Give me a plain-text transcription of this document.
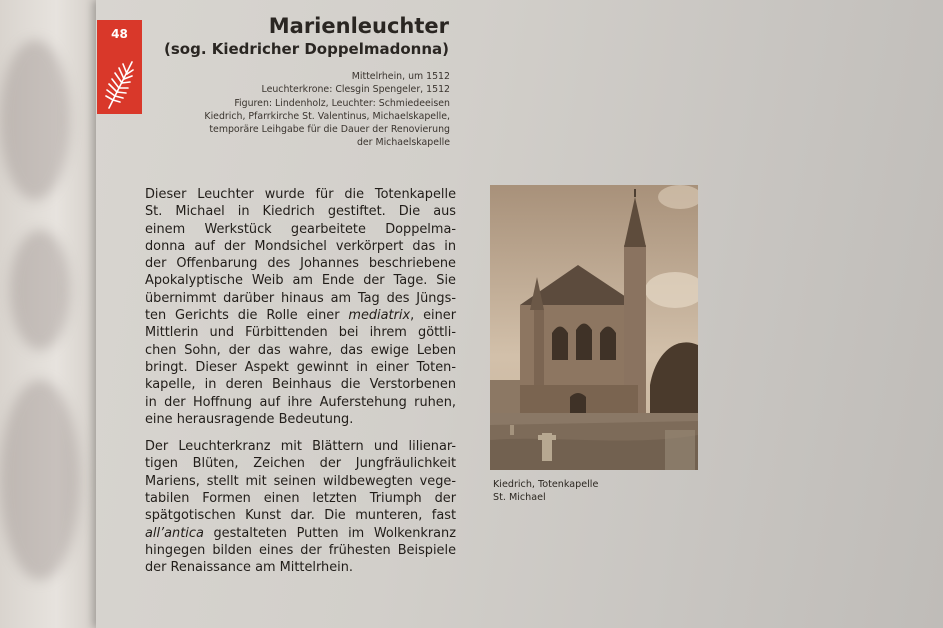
48	Marienleuchter
(sog. Kiedricher Doppelmadonna)
Mittelrhein, um 1512
Leuchterkrone: Clesgin Spengeler, 1512
Figuren: Lindenholz, Leuchter: Schmiedeeisen
Kiedrich, Pfarrkirche St. Valentinus, Michaelskapelle,
temporäre Leihgabe für die Dauer der Renovierung
der Michaelskapelle

Dieser Leuchter wurde für die Totenkapelle
St. Michael in Kiedrich gestiftet. Die aus
einem Werkstück gearbeitete Doppelma-
donna auf der Mondsichel verkörpert das in
der Offenbarung des Johannes beschriebene
Apokalyptische Weib am Ende der Tage. Sie
übernimmt darüber hinaus am Tag des Jüngs-
ten Gerichts die Rolle einer mediatrix, einer
Mittlerin und Fürbittenden bei ihrem göttli-
chen Sohn, der das wahre, das ewige Leben
bringt. Dieser Aspekt gewinnt in einer Toten-
kapelle, in deren Beinhaus die Verstorbenen
in der Hoffnung auf ihre Auferstehung ruhen,
eine herausragende Bedeutung.

Der Leuchterkranz mit Blättern und lilienar-
tigen Blüten, Zeichen der Jungfräulichkeit
Mariens, stellt mit seinen wildbewegten vege-
tabilen Formen einen letzten Triumph der
spätgotischen Kunst dar. Die munteren, fast
all’antica gestalteten Putten im Wolkenkranz
hingegen bilden eines der frühesten Beispiele
der Renaissance am Mittelrhein.

Kiedrich, Totenkapelle
St. Michael
